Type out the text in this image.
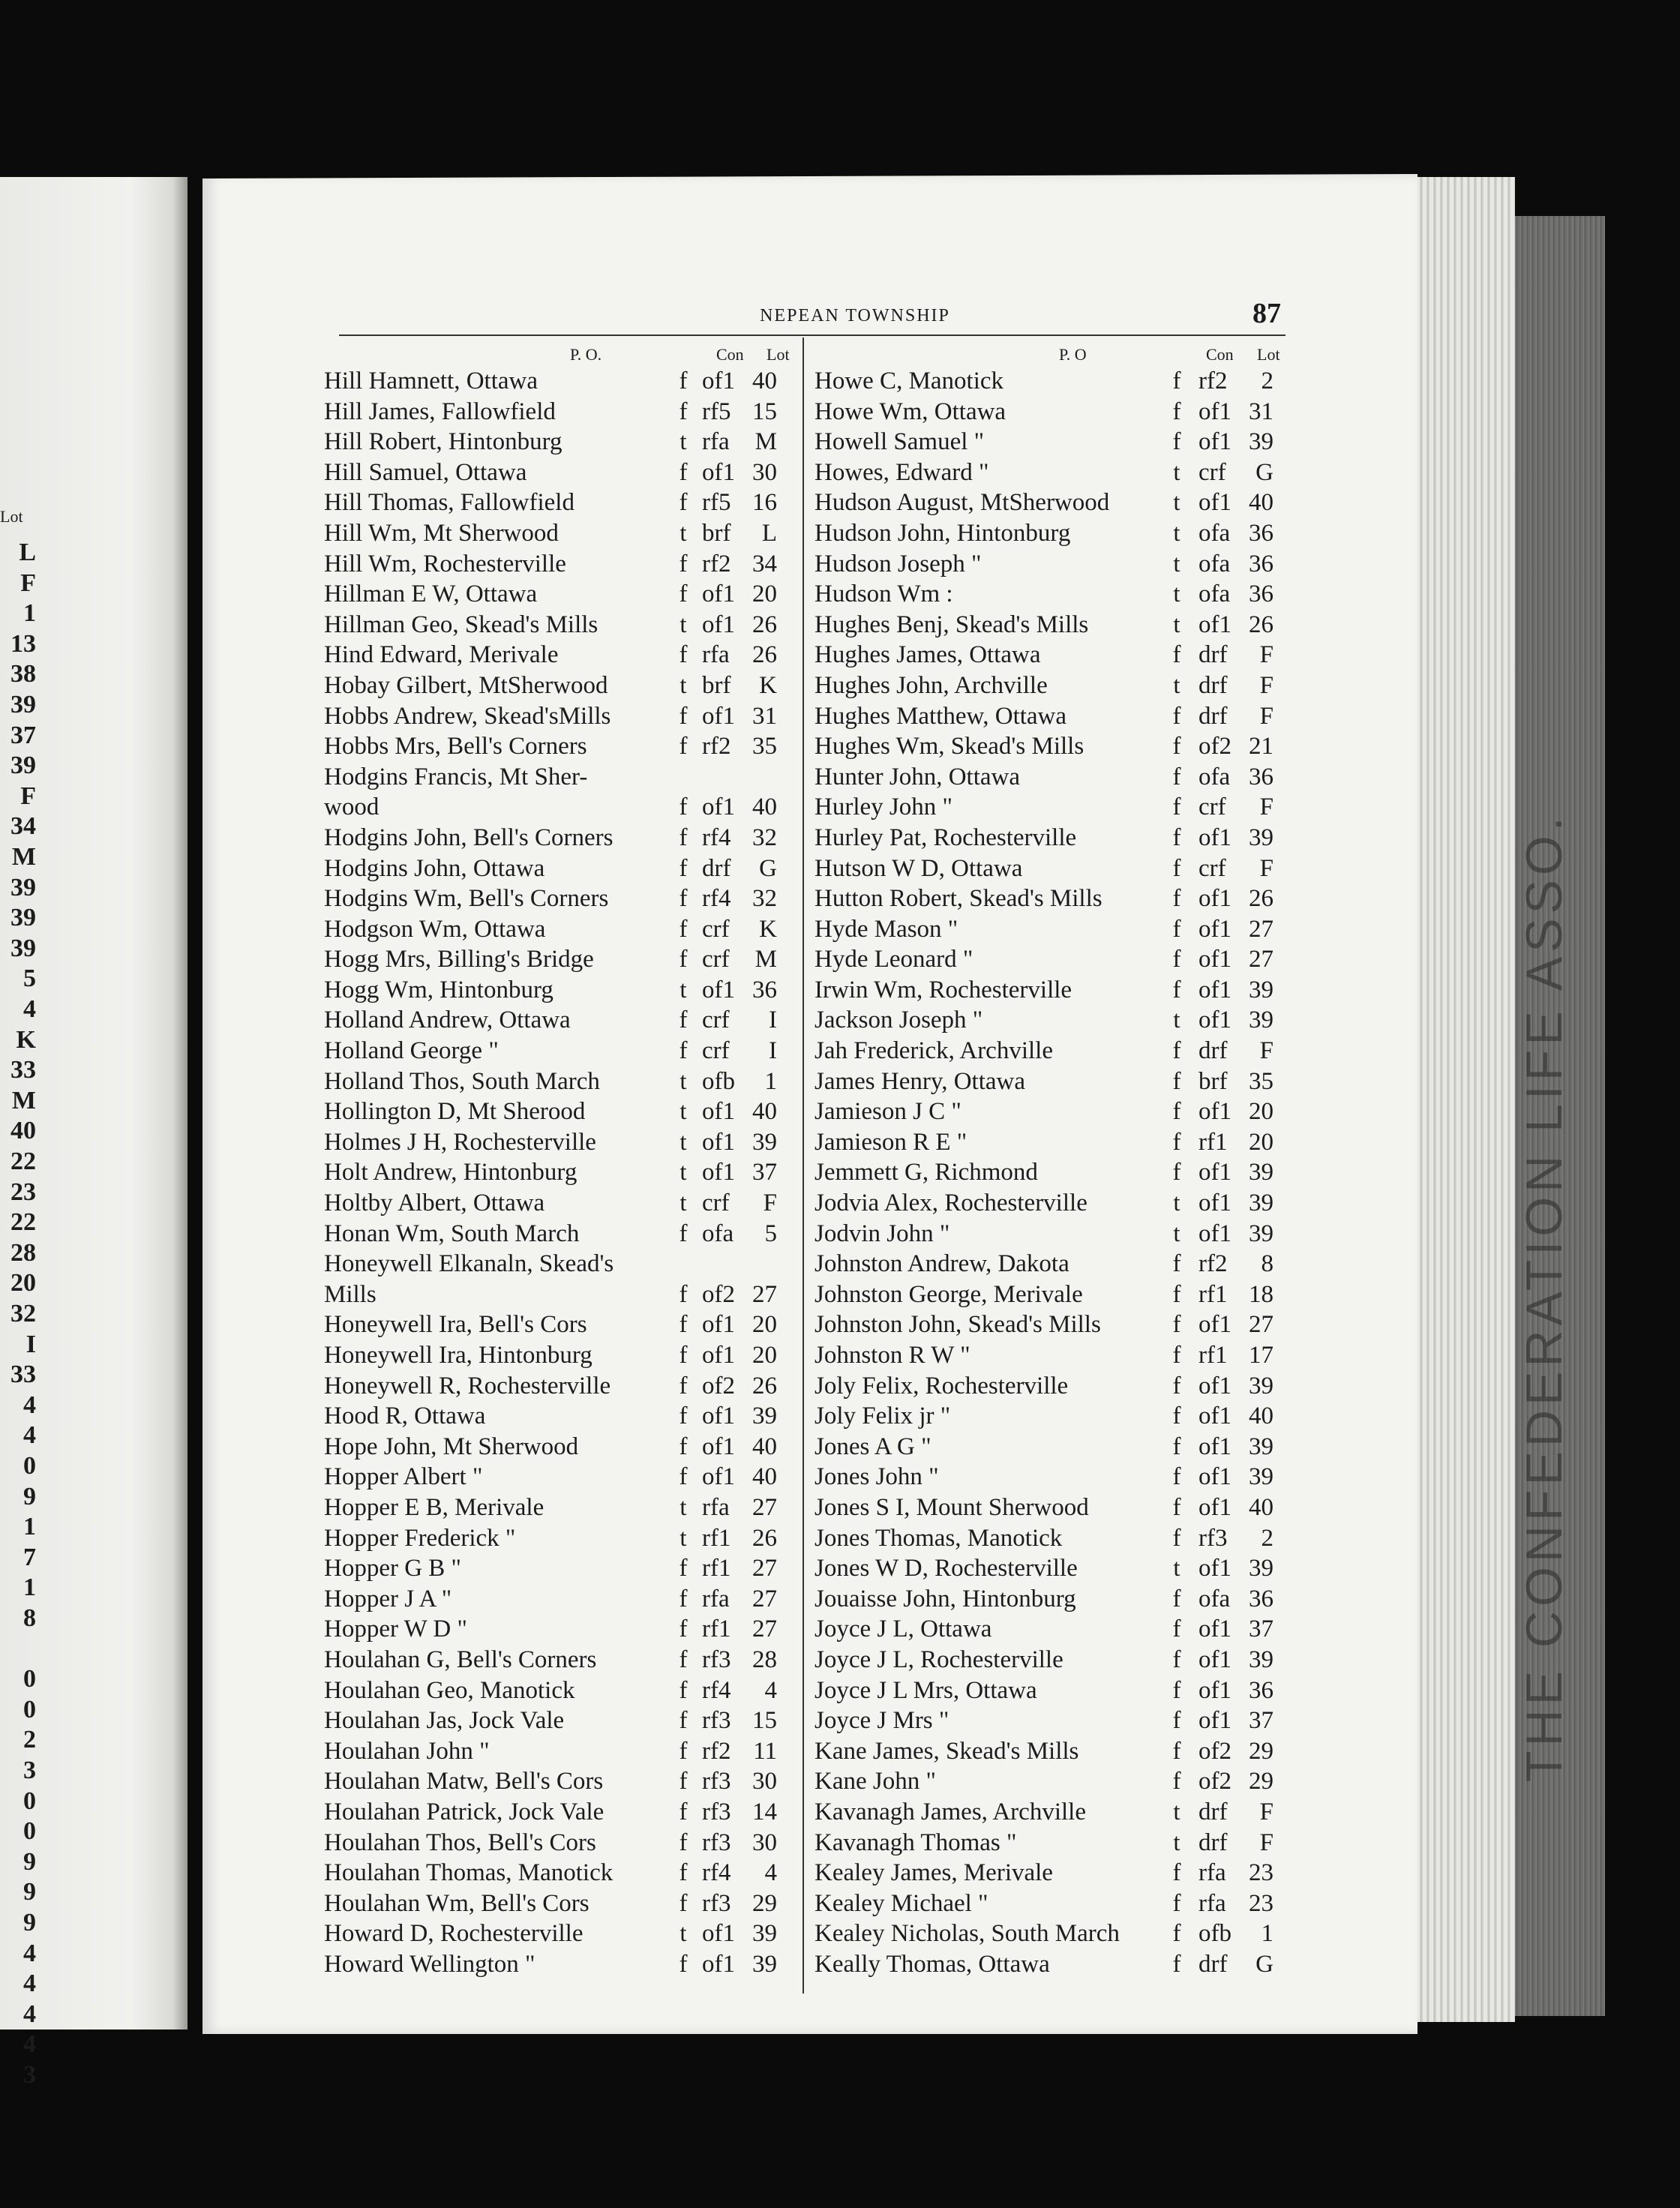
Lot
L
F
1
13
38
39
37
39
F
34
M
39
39
39
5
4
K
33
M
40
22
23
22
28
20
32
I
33
4
4
0
9
1
7
1
8
0
0
2
3
0
0
9
9
9
4
4
4
4
3
THE CONFEDERATION LIFE ASSO.
NEPEAN TOWNSHIP	87
P. O.	Con Lot	P. O	Con Lot
Hill Hamnett, Ottawa	f of1 40
Hill James, Fallowfield	f rf5 15
Hill Robert, Hintonburg	t rfa	M
Hill Samuel, Ottawa	f of1 30
Hill Thomas, Fallowfield	f rf5 16
Hill Wm, Mt Sherwood	t brf	L
Hill Wm, Rochesterville	f rf2 34
Hillman E W, Ottawa	f of1 20
Hillman Geo, Skead's Mills	t of1 26
Hind Edward, Merivale	f rfa 26
Hobay Gilbert, MtSherwood	t brf	K
Hobbs Andrew, Skead'sMills	f of1 31
Hobbs Mrs, Bell's Corners	f rf2 35
Hodgins Francis, Mt Sher-
wood	f of1 40
Hodgins John, Bell's Corners	f rf4 32
Hodgins John, Ottawa	f drf	G
Hodgins Wm, Bell's Corners	f rf4 32
Hodgson Wm, Ottawa	f crf	K
Hogg Mrs, Billing's Bridge	f crf	M
Hogg Wm, Hintonburg	t of1 36
Holland Andrew, Ottawa	f crf	I
Holland George "	f crf	I
Holland Thos, South March	t ofb	1
Hollington D, Mt Sherood	t of1 40
Holmes J H, Rochesterville	t of1 39
Holt Andrew, Hintonburg	t of1 37
Holtby Albert, Ottawa	t crf	F
Honan Wm, South March	f ofa	5
Honeywell Elkanaln, Skead's
Mills	f of2 27
Honeywell Ira, Bell's Cors	f of1 20
Honeywell Ira, Hintonburg	f of1 20
Honeywell R, Rochesterville	f of2 26
Hood R, Ottawa	f of1 39
Hope John, Mt Sherwood	f of1 40
Hopper Albert "	f of1 40
Hopper E B, Merivale	t rfa 27
Hopper Frederick "	t rf1 26
Hopper G B "	f rf1 27
Hopper J A "	f rfa 27
Hopper W D "	f rf1 27
Houlahan G, Bell's Corners	f rf3 28
Houlahan Geo, Manotick	f rf4	4
Houlahan Jas, Jock Vale	f rf3 15
Houlahan John "	f rf2 11
Houlahan Matw, Bell's Cors	f rf3 30
Houlahan Patrick, Jock Vale	f rf3 14
Houlahan Thos, Bell's Cors	f rf3 30
Houlahan Thomas, Manotick	f rf4	4
Houlahan Wm, Bell's Cors	f rf3 29
Howard D, Rochesterville	t of1 39
Howard Wellington "	f of1 39
Howe C, Manotick	f rf2	2
Howe Wm, Ottawa	f of1 31
Howell Samuel "	f of1 39
Howes, Edward "	t crf	G
Hudson August, MtSherwood	t of1 40
Hudson John, Hintonburg	t ofa 36
Hudson Joseph "	t ofa 36
Hudson Wm :	t ofa 36
Hughes Benj, Skead's Mills	t of1 26
Hughes James, Ottawa	f drf	F
Hughes John, Archville	t drf	F
Hughes Matthew, Ottawa	f drf	F
Hughes Wm, Skead's Mills	f of2 21
Hunter John, Ottawa	f ofa 36
Hurley John "	f crf	F
Hurley Pat, Rochesterville	f of1 39
Hutson W D, Ottawa	f crf	F
Hutton Robert, Skead's Mills	f of1 26
Hyde Mason "	f of1 27
Hyde Leonard "	f of1 27
Irwin Wm, Rochesterville	f of1 39
Jackson Joseph "	t of1 39
Jah Frederick, Archville	f drf	F
James Henry, Ottawa	f brf 35
Jamieson J C "	f of1 20
Jamieson R E "	f rf1 20
Jemmett G, Richmond	f of1 39
Jodvia Alex, Rochesterville	t of1 39
Jodvin John "	t of1 39
Johnston Andrew, Dakota	f rf2	8
Johnston George, Merivale	f rf1 18
Johnston John, Skead's Mills	f of1 27
Johnston R W "	f rf1 17
Joly Felix, Rochesterville	f of1 39
Joly Felix jr "	f of1 40
Jones A G "	f of1 39
Jones John "	f of1 39
Jones S I, Mount Sherwood	f of1 40
Jones Thomas, Manotick	f rf3	2
Jones W D, Rochesterville	t of1 39
Jouaisse John, Hintonburg	f ofa 36
Joyce J L, Ottawa	f of1 37
Joyce J L, Rochesterville	f of1 39
Joyce J L Mrs, Ottawa	f of1 36
Joyce J Mrs "	f of1 37
Kane James, Skead's Mills	f of2 29
Kane John "	f of2 29
Kavanagh James, Archville	t drf	F
Kavanagh Thomas "	t drf	F
Kealey James, Merivale	f rfa 23
Kealey Michael "	f rfa 23
Kealey Nicholas, South March f ofb	1
Keally Thomas, Ottawa	f drf	G
